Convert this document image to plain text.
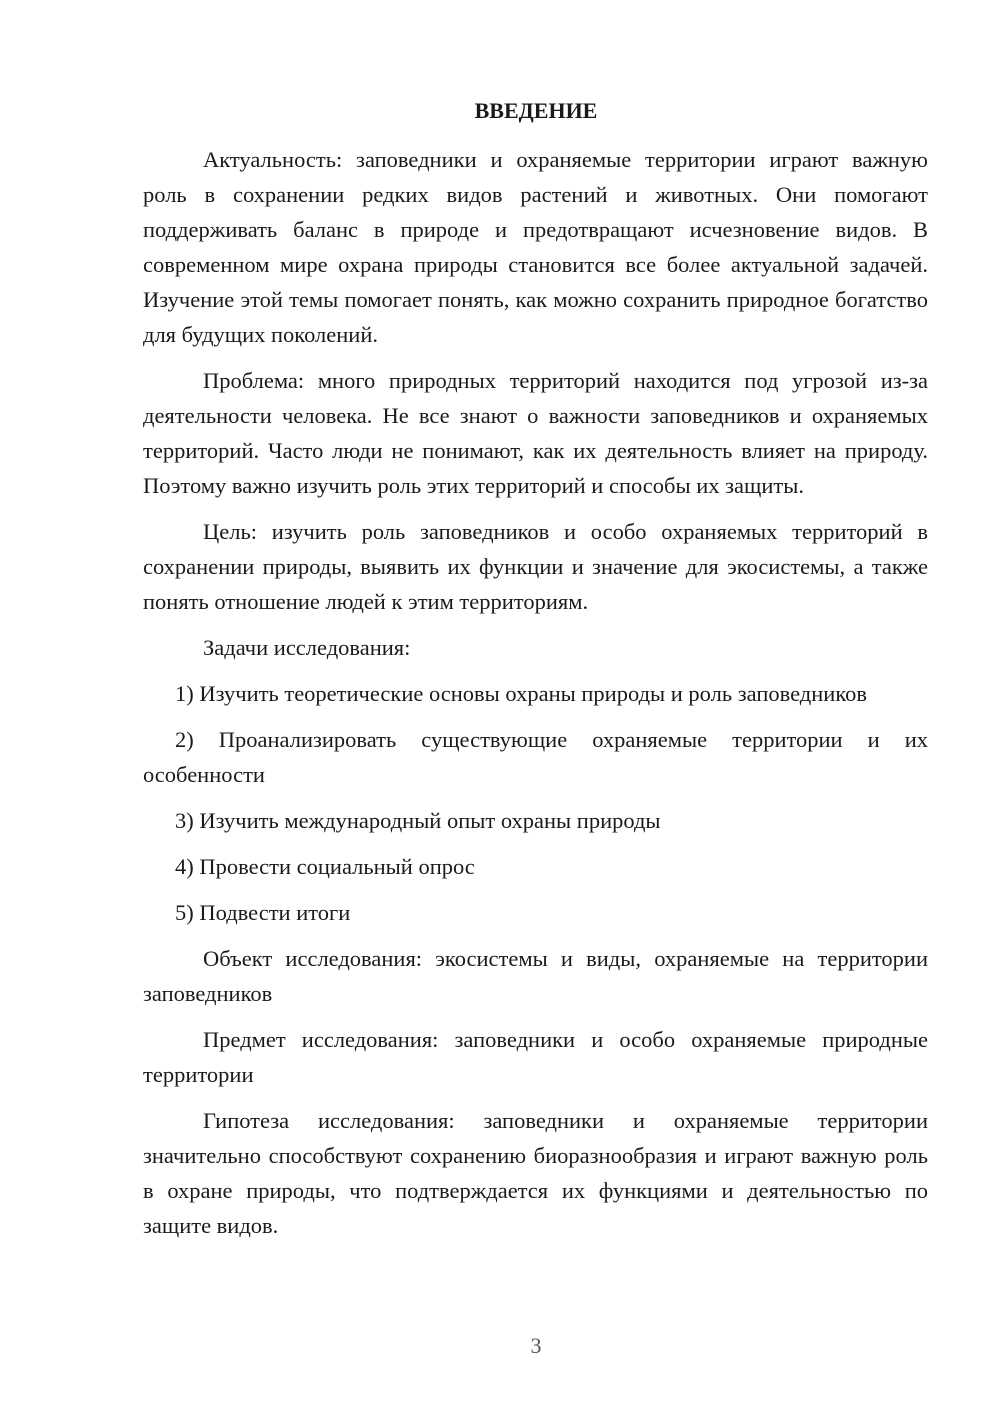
ВВЕДЕНИЕ

Актуальность: заповедники и охраняемые территории играют важную роль в сохранении редких видов растений и животных. Они помогают поддерживать баланс в природе и предотвращают исчезновение видов. В современном мире охрана природы становится все более актуальной задачей. Изучение этой темы помогает понять, как можно сохранить природное богатство для будущих поколений.

Проблема: много природных территорий находится под угрозой из-за деятельности человека. Не все знают о важности заповедников и охраняемых территорий. Часто люди не понимают, как их деятельность влияет на природу. Поэтому важно изучить роль этих территорий и способы их защиты.

Цель: изучить роль заповедников и особо охраняемых территорий в сохранении природы, выявить их функции и значение для экосистемы, а также понять отношение людей к этим территориям.

Задачи исследования:

1) Изучить теоретические основы охраны природы и роль заповедников

2) Проанализировать существующие охраняемые территории и их особенности

3) Изучить международный опыт охраны природы

4) Провести социальный опрос

5) Подвести итоги

Объект исследования: экосистемы и виды, охраняемые на территории заповедников

Предмет исследования: заповедники и особо охраняемые природные территории

Гипотеза исследования: заповедники и охраняемые территории значительно способствуют сохранению биоразнообразия и играют важную роль в охране природы, что подтверждается их функциями и деятельностью по защите видов.

3
